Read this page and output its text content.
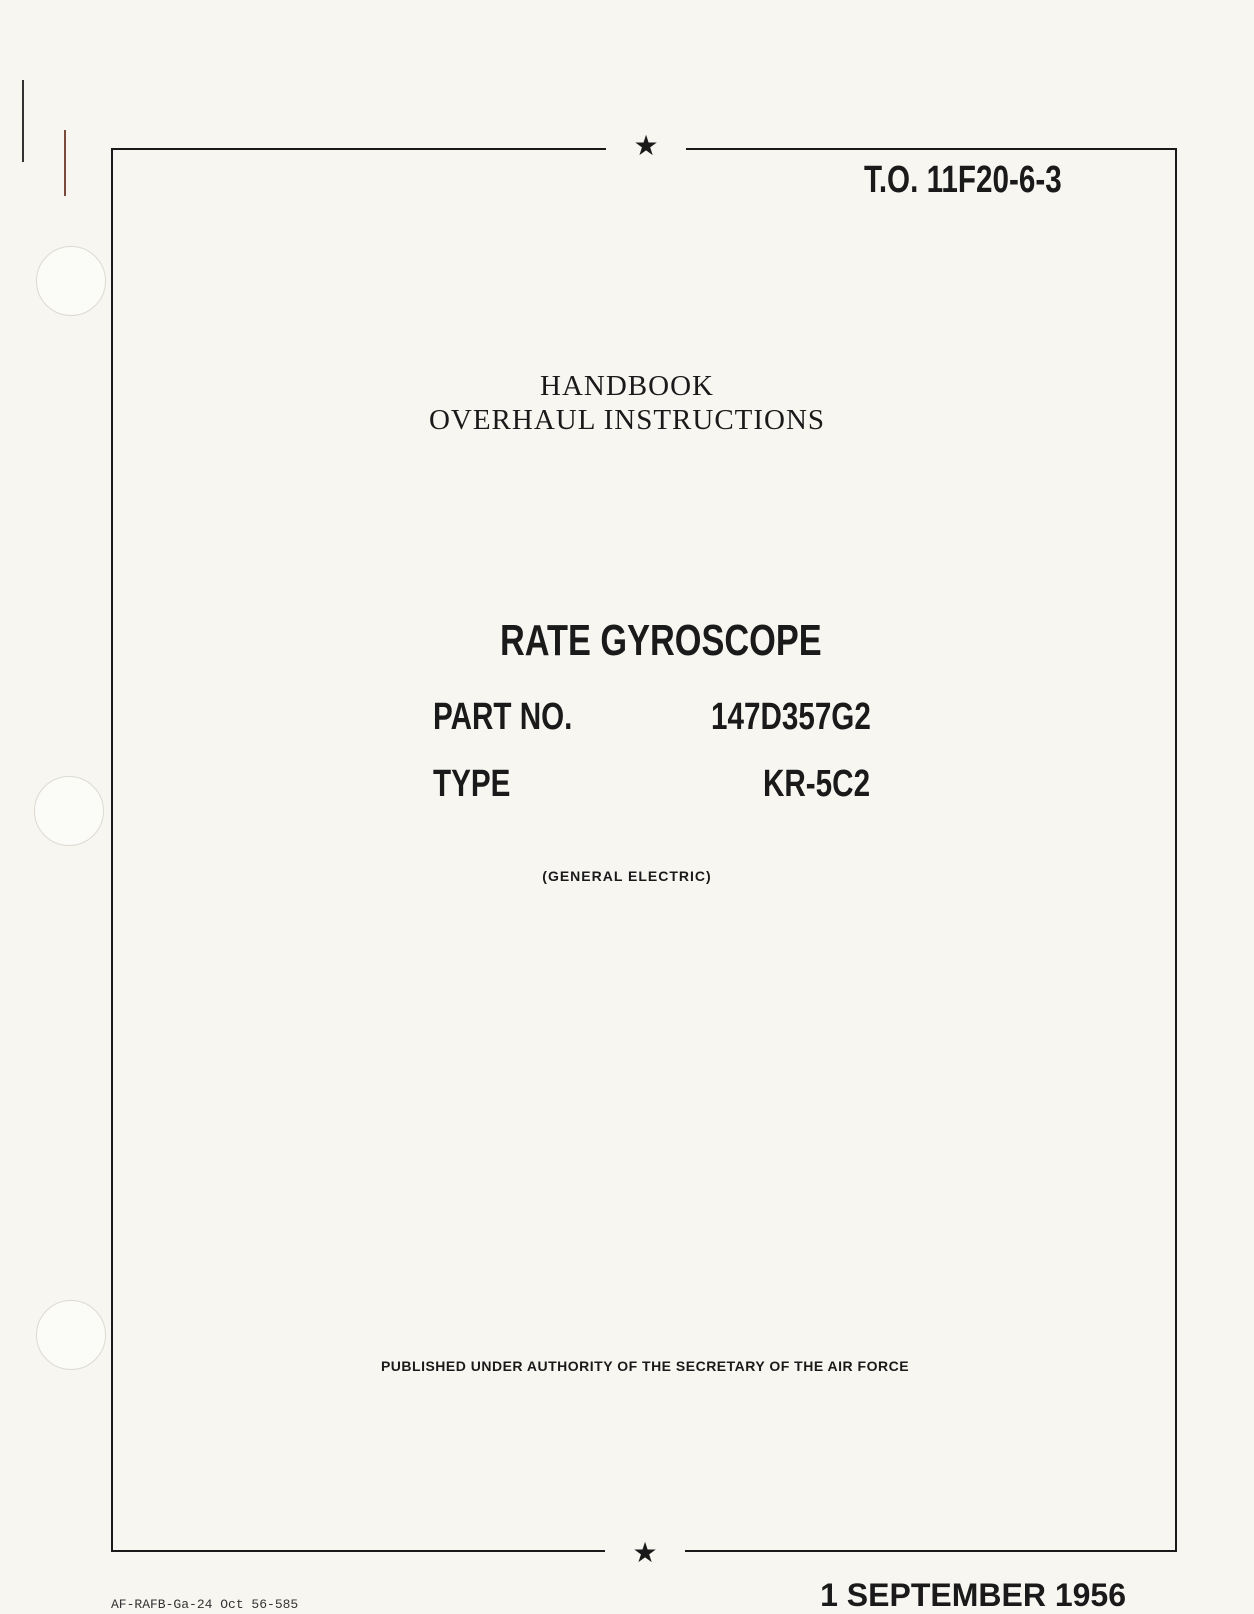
★
★
T.O. 11F20-6-3
HANDBOOK
OVERHAUL INSTRUCTIONS
RATE GYROSCOPE
PART NO.	147D357G2
TYPE	KR-5C2
(GENERAL ELECTRIC)
PUBLISHED UNDER AUTHORITY OF THE SECRETARY OF THE AIR FORCE
AF-RAFB-Ga-24 Oct 56-585	1 SEPTEMBER 1956
